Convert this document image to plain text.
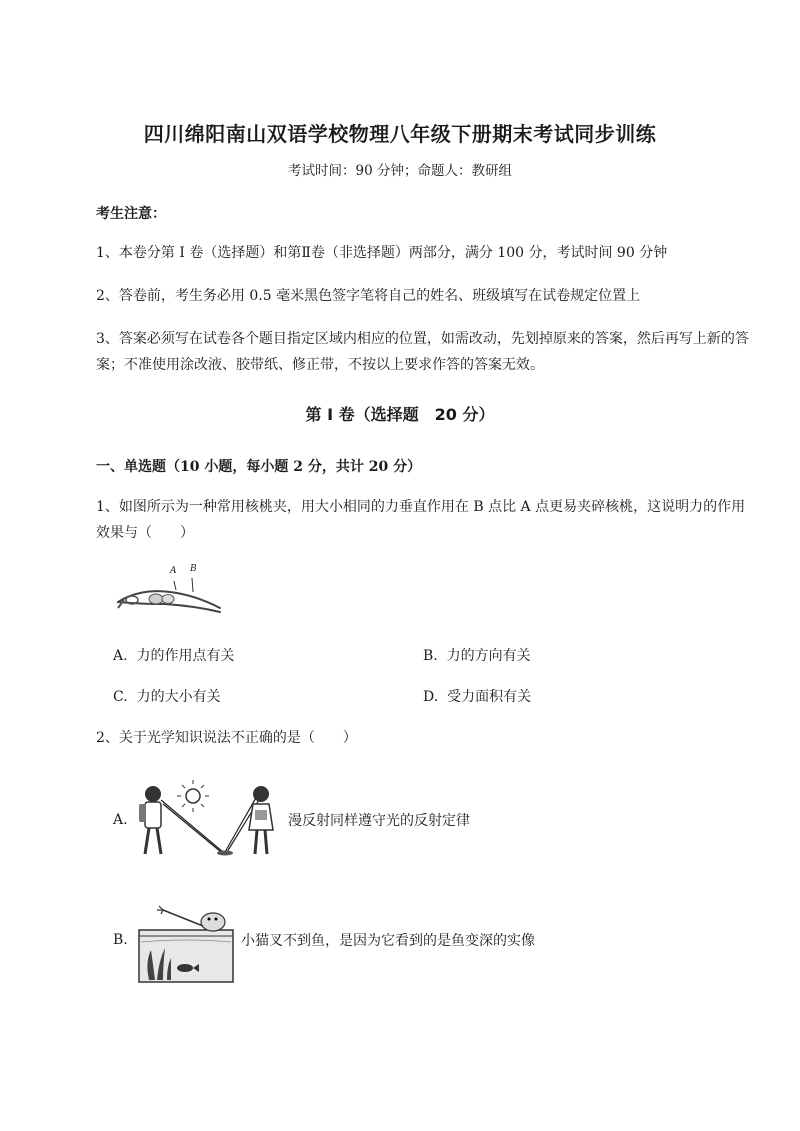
四川绵阳南山双语学校物理八年级下册期末考试同步训练
考试时间：90 分钟；命题人：教研组
考生注意：
1、本卷分第 I 卷（选择题）和第Ⅱ卷（非选择题）两部分，满分 100 分，考试时间 90 分钟
2、答卷前，考生务必用 0.5 毫米黑色签字笔将自己的姓名、班级填写在试卷规定位置上
3、答案必须写在试卷各个题目指定区域内相应的位置，如需改动，先划掉原来的答案，然后再写上新的答案；不准使用涂改液、胶带纸、修正带，不按以上要求作答的答案无效。
第 I 卷（选择题　20 分）
一、单选题（10 小题，每小题 2 分，共计 20 分）
1、如图所示为一种常用核桃夹，用大小相同的力垂直作用在 B 点比 A 点更易夹碎核桃，这说明力的作用效果与（　　）
A B
A. 力的作用点有关	B. 力的方向有关
C. 力的大小有关	D. 受力面积有关
2、关于光学知识说法不正确的是（　　）
A.	漫反射同样遵守光的反射定律
B.	小猫叉不到鱼，是因为它看到的是鱼变深的实像
